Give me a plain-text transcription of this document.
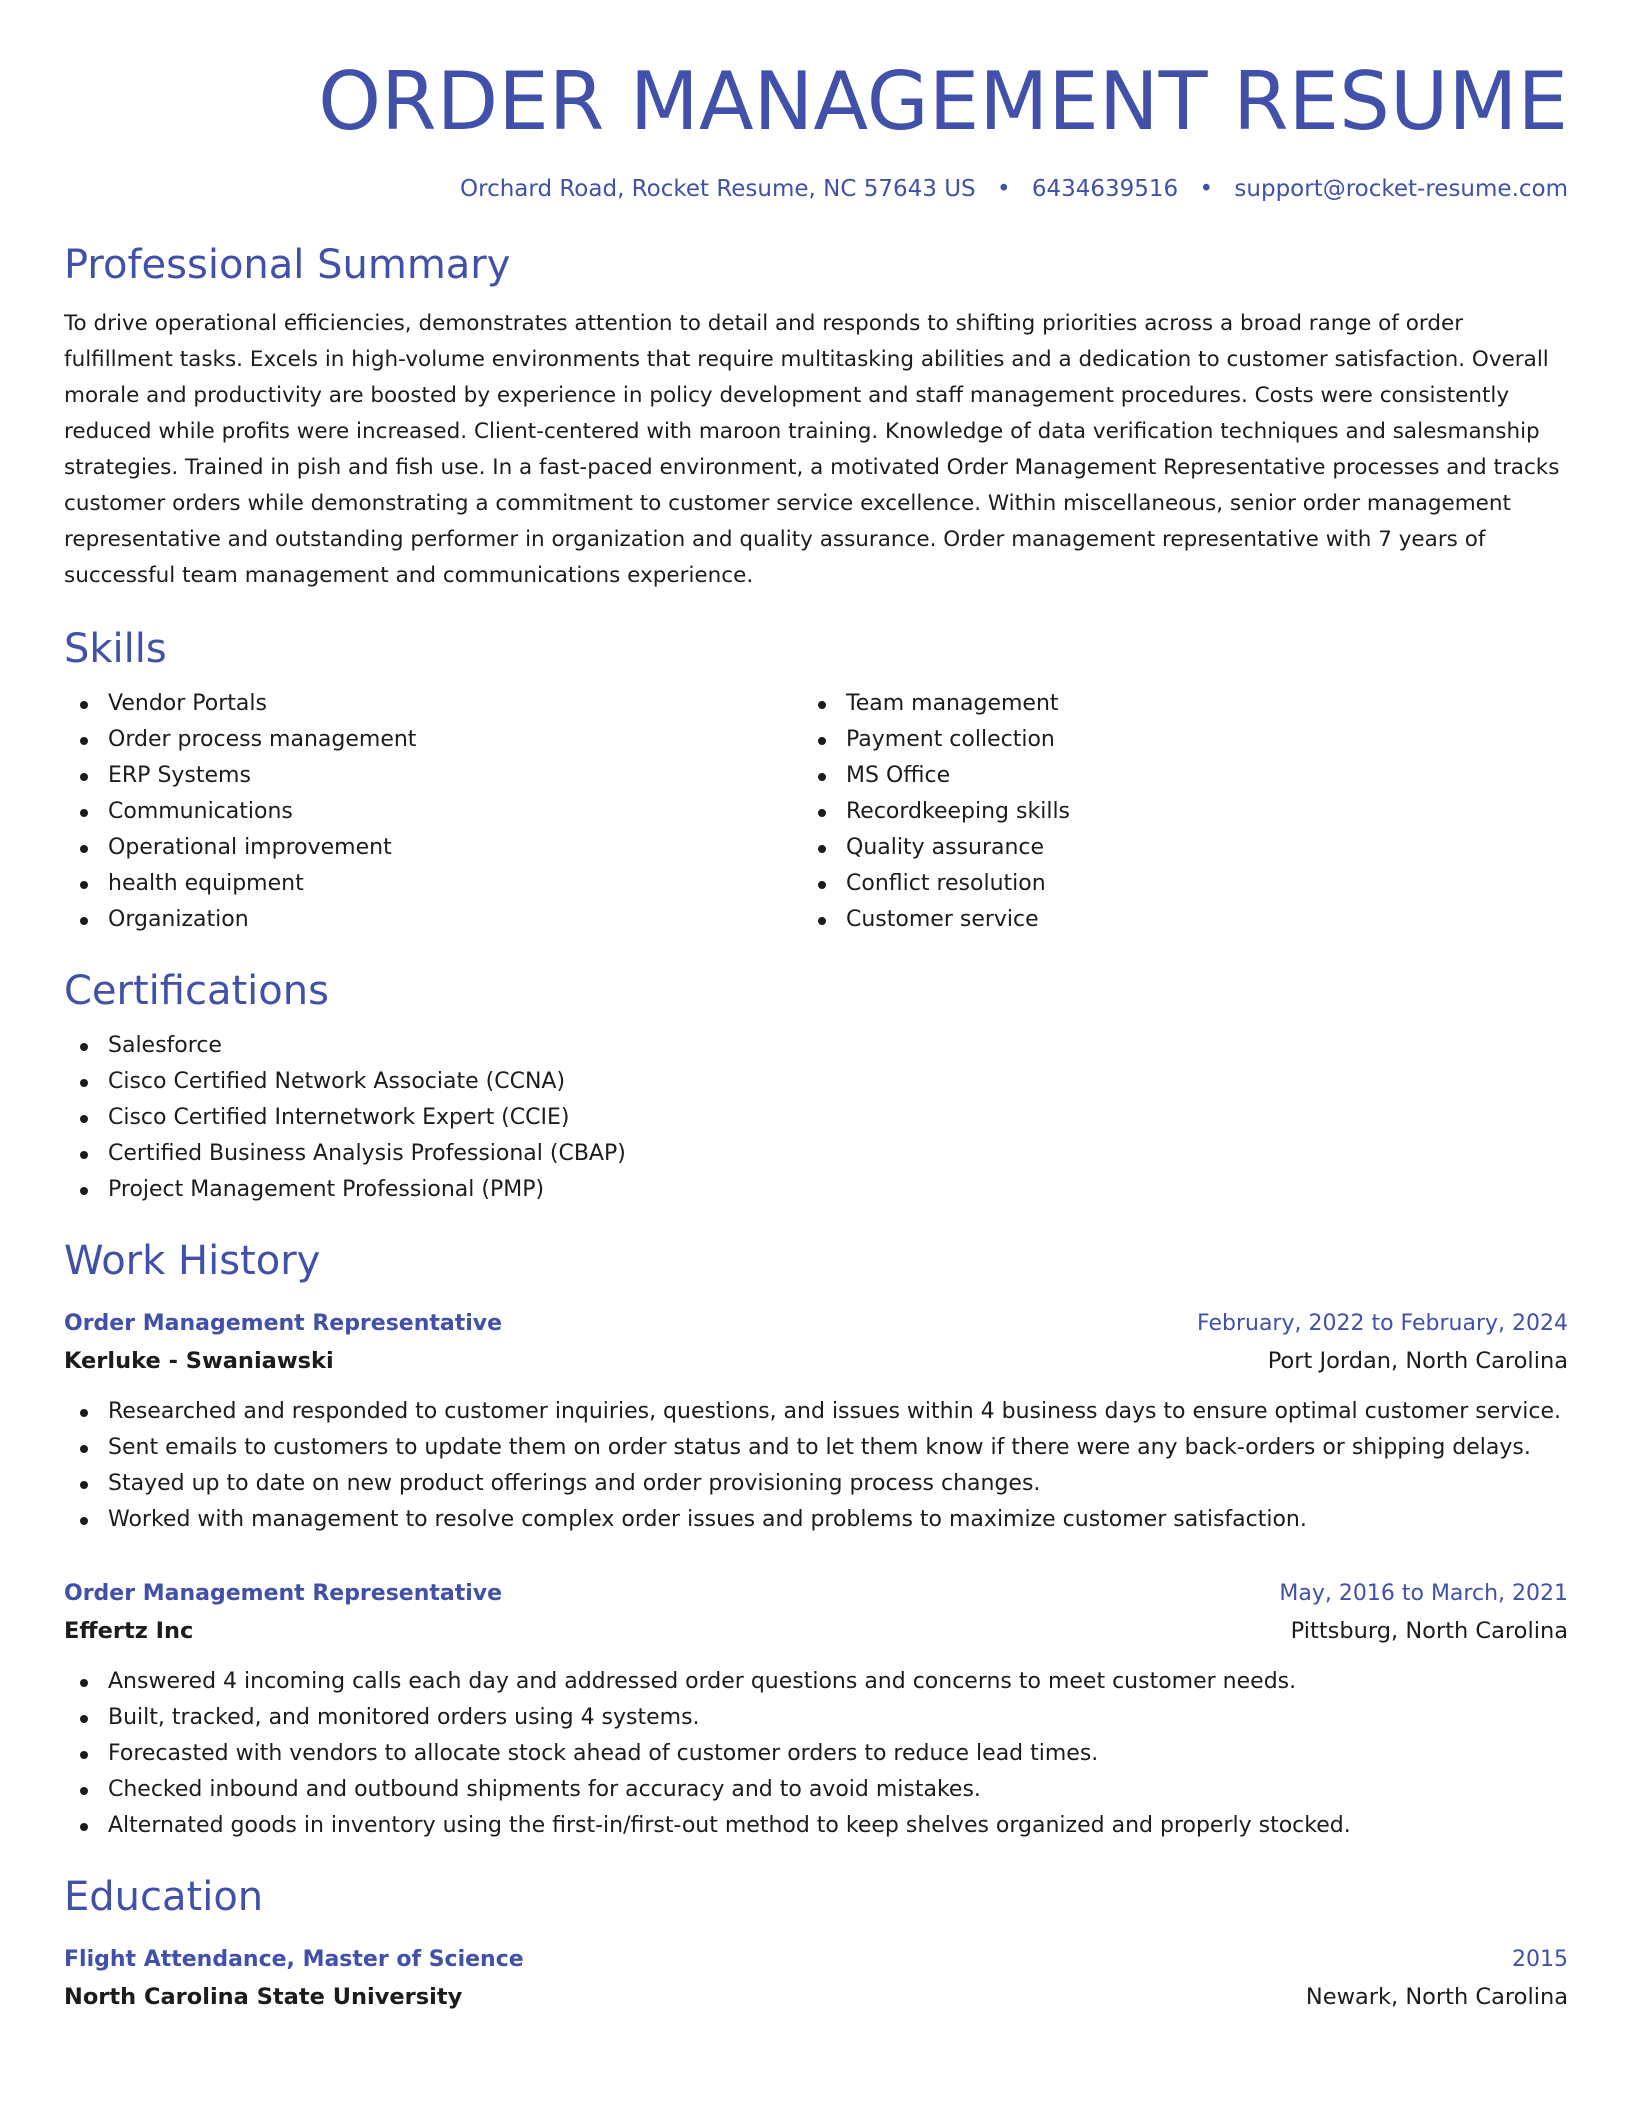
ORDER MANAGEMENT RESUME
Orchard Road, Rocket Resume, NC 57643 US • 6434639516 • support@rocket-resume.com
Professional Summary

To drive operational efficiencies, demonstrates attention to detail and responds to shifting priorities across a broad range of order fulfillment tasks. Excels in high-volume environments that require multitasking abilities and a dedication to customer satisfaction. Overall morale and productivity are boosted by experience in policy development and staff management procedures. Costs were consistently reduced while profits were increased. Client-centered with maroon training. Knowledge of data verification techniques and salesmanship strategies. Trained in pish and fish use. In a fast-paced environment, a motivated Order Management Representative processes and tracks customer orders while demonstrating a commitment to customer service excellence. Within miscellaneous, senior order management representative and outstanding performer in organization and quality assurance. Order management representative with 7 years of successful team management and communications experience.

Skills
Vendor Portals
Order process management
ERP Systems
Communications
Operational improvement
health equipment
Organization
Team management
Payment collection
MS Office
Recordkeeping skills
Quality assurance
Conflict resolution
Customer service
Certifications
Salesforce
Cisco Certified Network Associate (CCNA)
Cisco Certified Internetwork Expert (CCIE)
Certified Business Analysis Professional (CBAP)
Project Management Professional (PMP)
Work History
Order Management Representative	February, 2022 to February, 2024
Kerluke - Swaniawski	Port Jordan, North Carolina
Researched and responded to customer inquiries, questions, and issues within 4 business days to ensure optimal customer service.
Sent emails to customers to update them on order status and to let them know if there were any back-orders or shipping delays.
Stayed up to date on new product offerings and order provisioning process changes.
Worked with management to resolve complex order issues and problems to maximize customer satisfaction.
Order Management Representative	May, 2016 to March, 2021
Effertz Inc	Pittsburg, North Carolina
Answered 4 incoming calls each day and addressed order questions and concerns to meet customer needs.
Built, tracked, and monitored orders using 4 systems.
Forecasted with vendors to allocate stock ahead of customer orders to reduce lead times.
Checked inbound and outbound shipments for accuracy and to avoid mistakes.
Alternated goods in inventory using the first-in/first-out method to keep shelves organized and properly stocked.
Education
Flight Attendance, Master of Science	2015
North Carolina State University	Newark, North Carolina
